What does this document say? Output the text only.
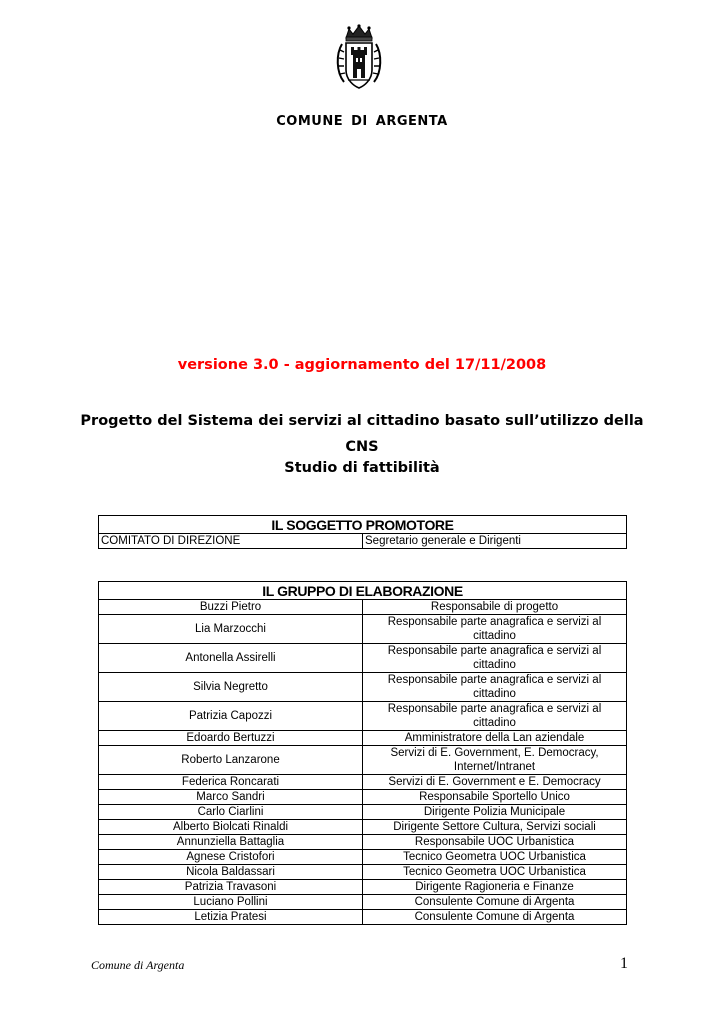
COMUNE DI ARGENTA
versione 3.0 - aggiornamento del 17/11/2008
Progetto del Sistema dei servizi al cittadino basato sull’utilizzo della
CNS
Studio di fattibilità
IL SOGGETTO PROMOTORE
COMITATO DI DIREZIONE	Segretario generale e Dirigenti
IL GRUPPO DI ELABORAZIONE	
Buzzi Pietro	Responsabile di progetto
Lia Marzocchi	Responsabile parte anagrafica e servizi al cittadino
Antonella Assirelli	Responsabile parte anagrafica e servizi al cittadino
Silvia Negretto	Responsabile parte anagrafica e servizi al cittadino
Patrizia Capozzi	Responsabile parte anagrafica e servizi al cittadino
Edoardo Bertuzzi	Amministratore della Lan aziendale
Roberto Lanzarone	Servizi di E. Government, E. Democracy, Internet/Intranet
Federica Roncarati	Servizi di E. Government e E. Democracy
Marco Sandri	Responsabile Sportello Unico
Carlo Ciarlini	Dirigente Polizia Municipale
Alberto Biolcati Rinaldi	Dirigente Settore Cultura, Servizi sociali
Annunziella Battaglia	Responsabile UOC Urbanistica
Agnese Cristofori	Tecnico Geometra UOC Urbanistica
Nicola Baldassari	Tecnico Geometra UOC Urbanistica
Patrizia Travasoni	Dirigente Ragioneria e Finanze
Luciano Pollini	Consulente Comune di Argenta
Letizia Pratesi	Consulente Comune di Argenta
Comune di Argenta	1
